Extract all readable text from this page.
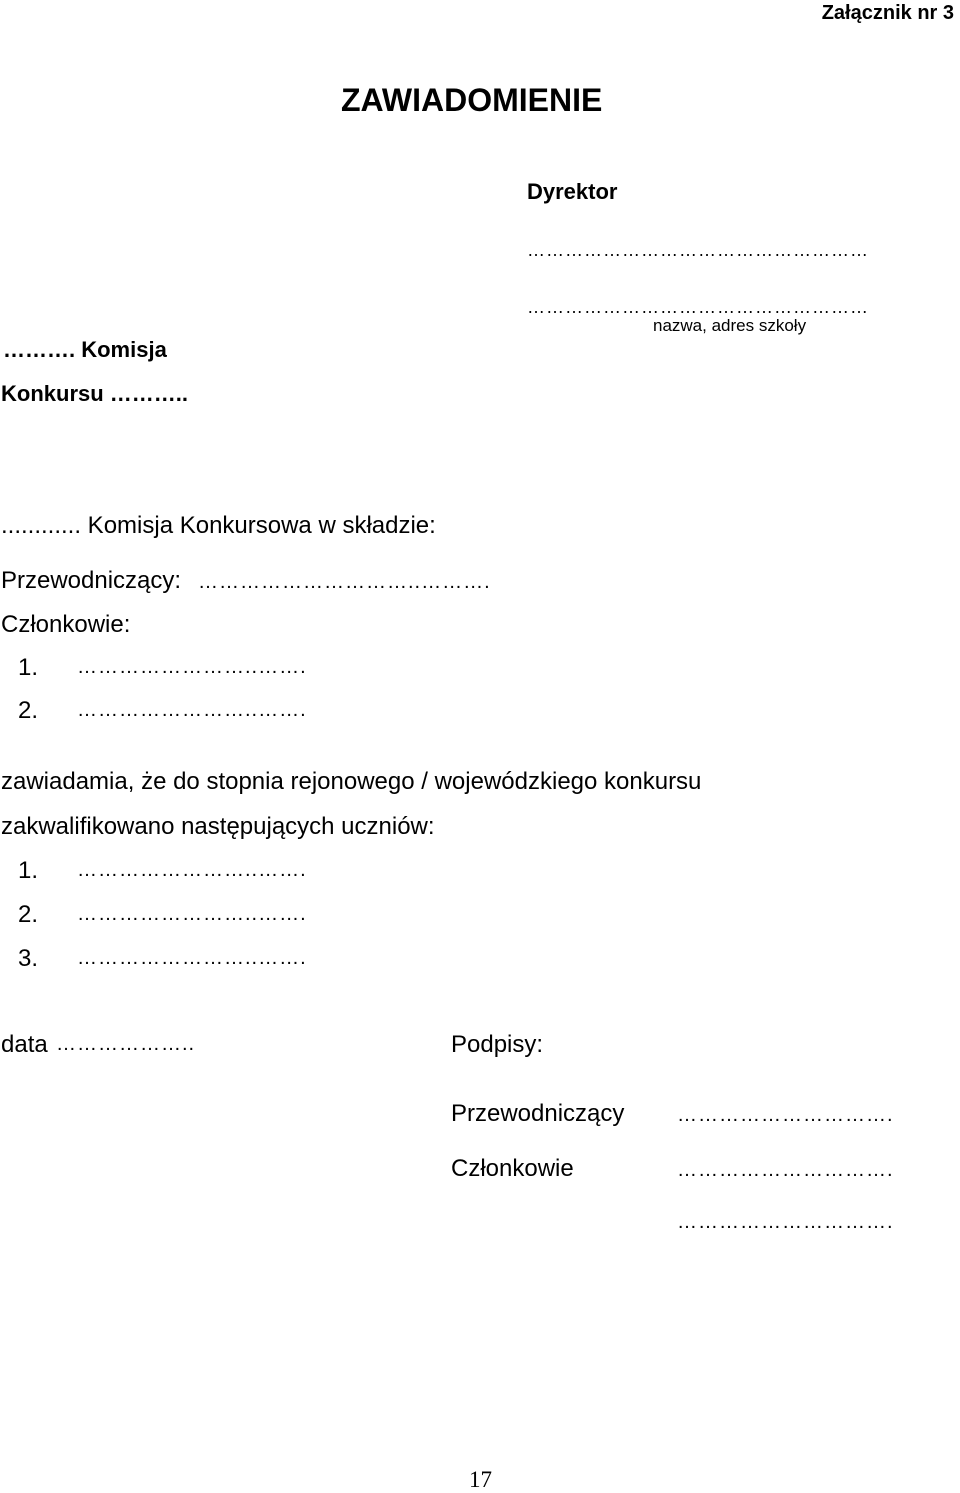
Załącznik nr 3
ZAWIADOMIENIE
Dyrektor
………………………………………………
………………………………………………
nazwa, adres szkoły
………. Komisja
Konkursu ………..
............ Komisja Konkursowa w składzie:
Przewodniczący: …………………………..……….
Członkowie:
1. ……………………..…….
2. ……………………..…….
zawiadamia, że do stopnia rejonowego / wojewódzkiego konkursu
zakwalifikowano następujących uczniów:
1. ……………………..…….
2. ……………………..…….
3. ……………………..…….
data ………………..	Podpisy:
Przewodniczący	………………………….
Członkowie	………………………….
………………………….
17
